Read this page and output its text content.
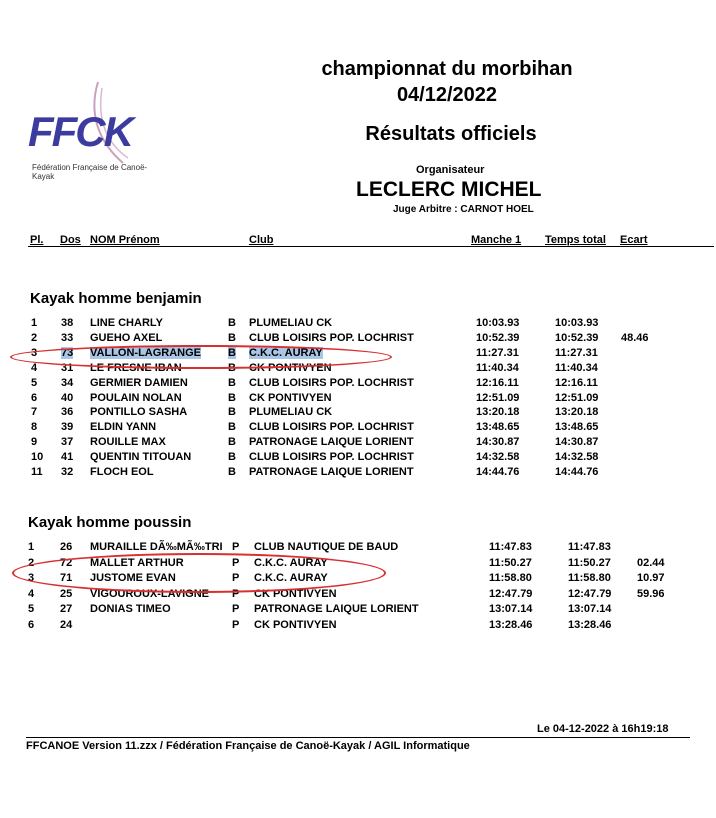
championnat du morbihan
04/12/2022
Résultats officiels
Organisateur
LECLERC MICHEL
Juge Arbitre : CARNOT HOEL
FFCK
Fédération Française de Canoë-Kayak
Pl. Dos NOM Prénom	Club	Manche 1 Temps total Ecart
Kayak homme benjamin
1 38 LINE CHARLY	B PLUMELIAU CK	10:03.93	10:03.93
2 33 GUEHO AXEL	B CLUB LOISIRS POP. LOCHRIST	10:52.39	10:52.39 48.46
3 73 VALLON-LAGRANGE B C.K.C. AURAY	11:27.31	11:27.31
4 31 LE FRESNE IBAN	B CK PONTIVYEN	11:40.34	11:40.34
5 34 GERMIER DAMIEN	B CLUB LOISIRS POP. LOCHRIST	12:16.11	12:16.11
6 40 POULAIN NOLAN	B CK PONTIVYEN	12:51.09	12:51.09
7 36 PONTILLO SASHA	B PLUMELIAU CK	13:20.18	13:20.18
8 39 ELDIN YANN	B CLUB LOISIRS POP. LOCHRIST	13:48.65	13:48.65
9 37 ROUILLE MAX	B PATRONAGE LAIQUE LORIENT	14:30.87	14:30.87
10 41 QUENTIN TITOUAN	B CLUB LOISIRS POP. LOCHRIST	14:32.58	14:32.58
11 32 FLOCH EOL	B PATRONAGE LAIQUE LORIENT	14:44.76	14:44.76
Kayak homme poussin
1 26 MURAILLE DÃ‰MÃ‰TRI P CLUB NAUTIQUE DE BAUD	11:47.83	11:47.83
2 72 MALLET ARTHUR	P C.K.C. AURAY	11:50.27	11:50.27 02.44
3 71 JUSTOME EVAN	P C.K.C. AURAY	11:58.80	11:58.80 10.97
4 25 VIGOUROUX-LAVIGNE P CK PONTIVYEN	12:47.79	12:47.79 59.96
5 27 DONIAS TIMEO	P PATRONAGE LAIQUE LORIENT	13:07.14	13:07.14
6 24	P CK PONTIVYEN	13:28.46	13:28.46
Le 04-12-2022 à 16h19:18
FFCANOE Version 11.zzx / Fédération Française de Canoë-Kayak / AGIL Informatique
